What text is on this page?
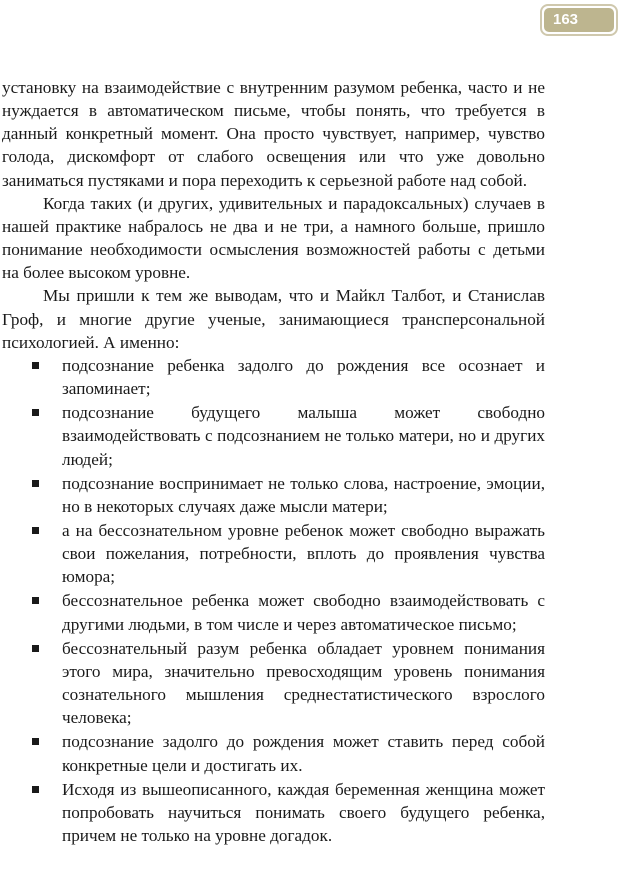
163

установку на взаимодействие с внутренним разумом ребенка, часто и не нуждается в автоматическом письме, чтобы понять, что требуется в данный конкретный момент. Она просто чувствует, например, чувство голода, дискомфорт от слабого освещения или что уже довольно заниматься пустяками и пора переходить к серьезной работе над собой.

Когда таких (и других, удивительных и парадоксальных) случаев в нашей практике набралось не два и не три, а намного больше, пришло понимание необходимости осмысления возможностей работы с детьми на более высоком уровне.

Мы пришли к тем же выводам, что и Майкл Талбот, и Станислав Гроф, и многие другие ученые, занимающиеся трансперсональной психологией. А именно:

подсознание ребенка задолго до рождения все осознает и запоминает;
подсознание будущего малыша может свободно взаимодействовать с подсознанием не только матери, но и других людей;
подсознание воспринимает не только слова, настроение, эмоции, но в некоторых случаях даже мысли матери;
а на бессознательном уровне ребенок может свободно выражать свои пожелания, потребности, вплоть до проявления чувства юмора;
бессознательное ребенка может свободно взаимодействовать с другими людьми, в том числе и через автоматическое письмо;
бессознательный разум ребенка обладает уровнем понимания этого мира, значительно превосходящим уровень понимания сознательного мышления среднестатистического взрослого человека;
подсознание задолго до рождения может ставить перед собой конкретные цели и достигать их.
Исходя из вышеописанного, каждая беременная женщина может попробовать научиться понимать своего будущего ребенка, причем не только на уровне догадок.
